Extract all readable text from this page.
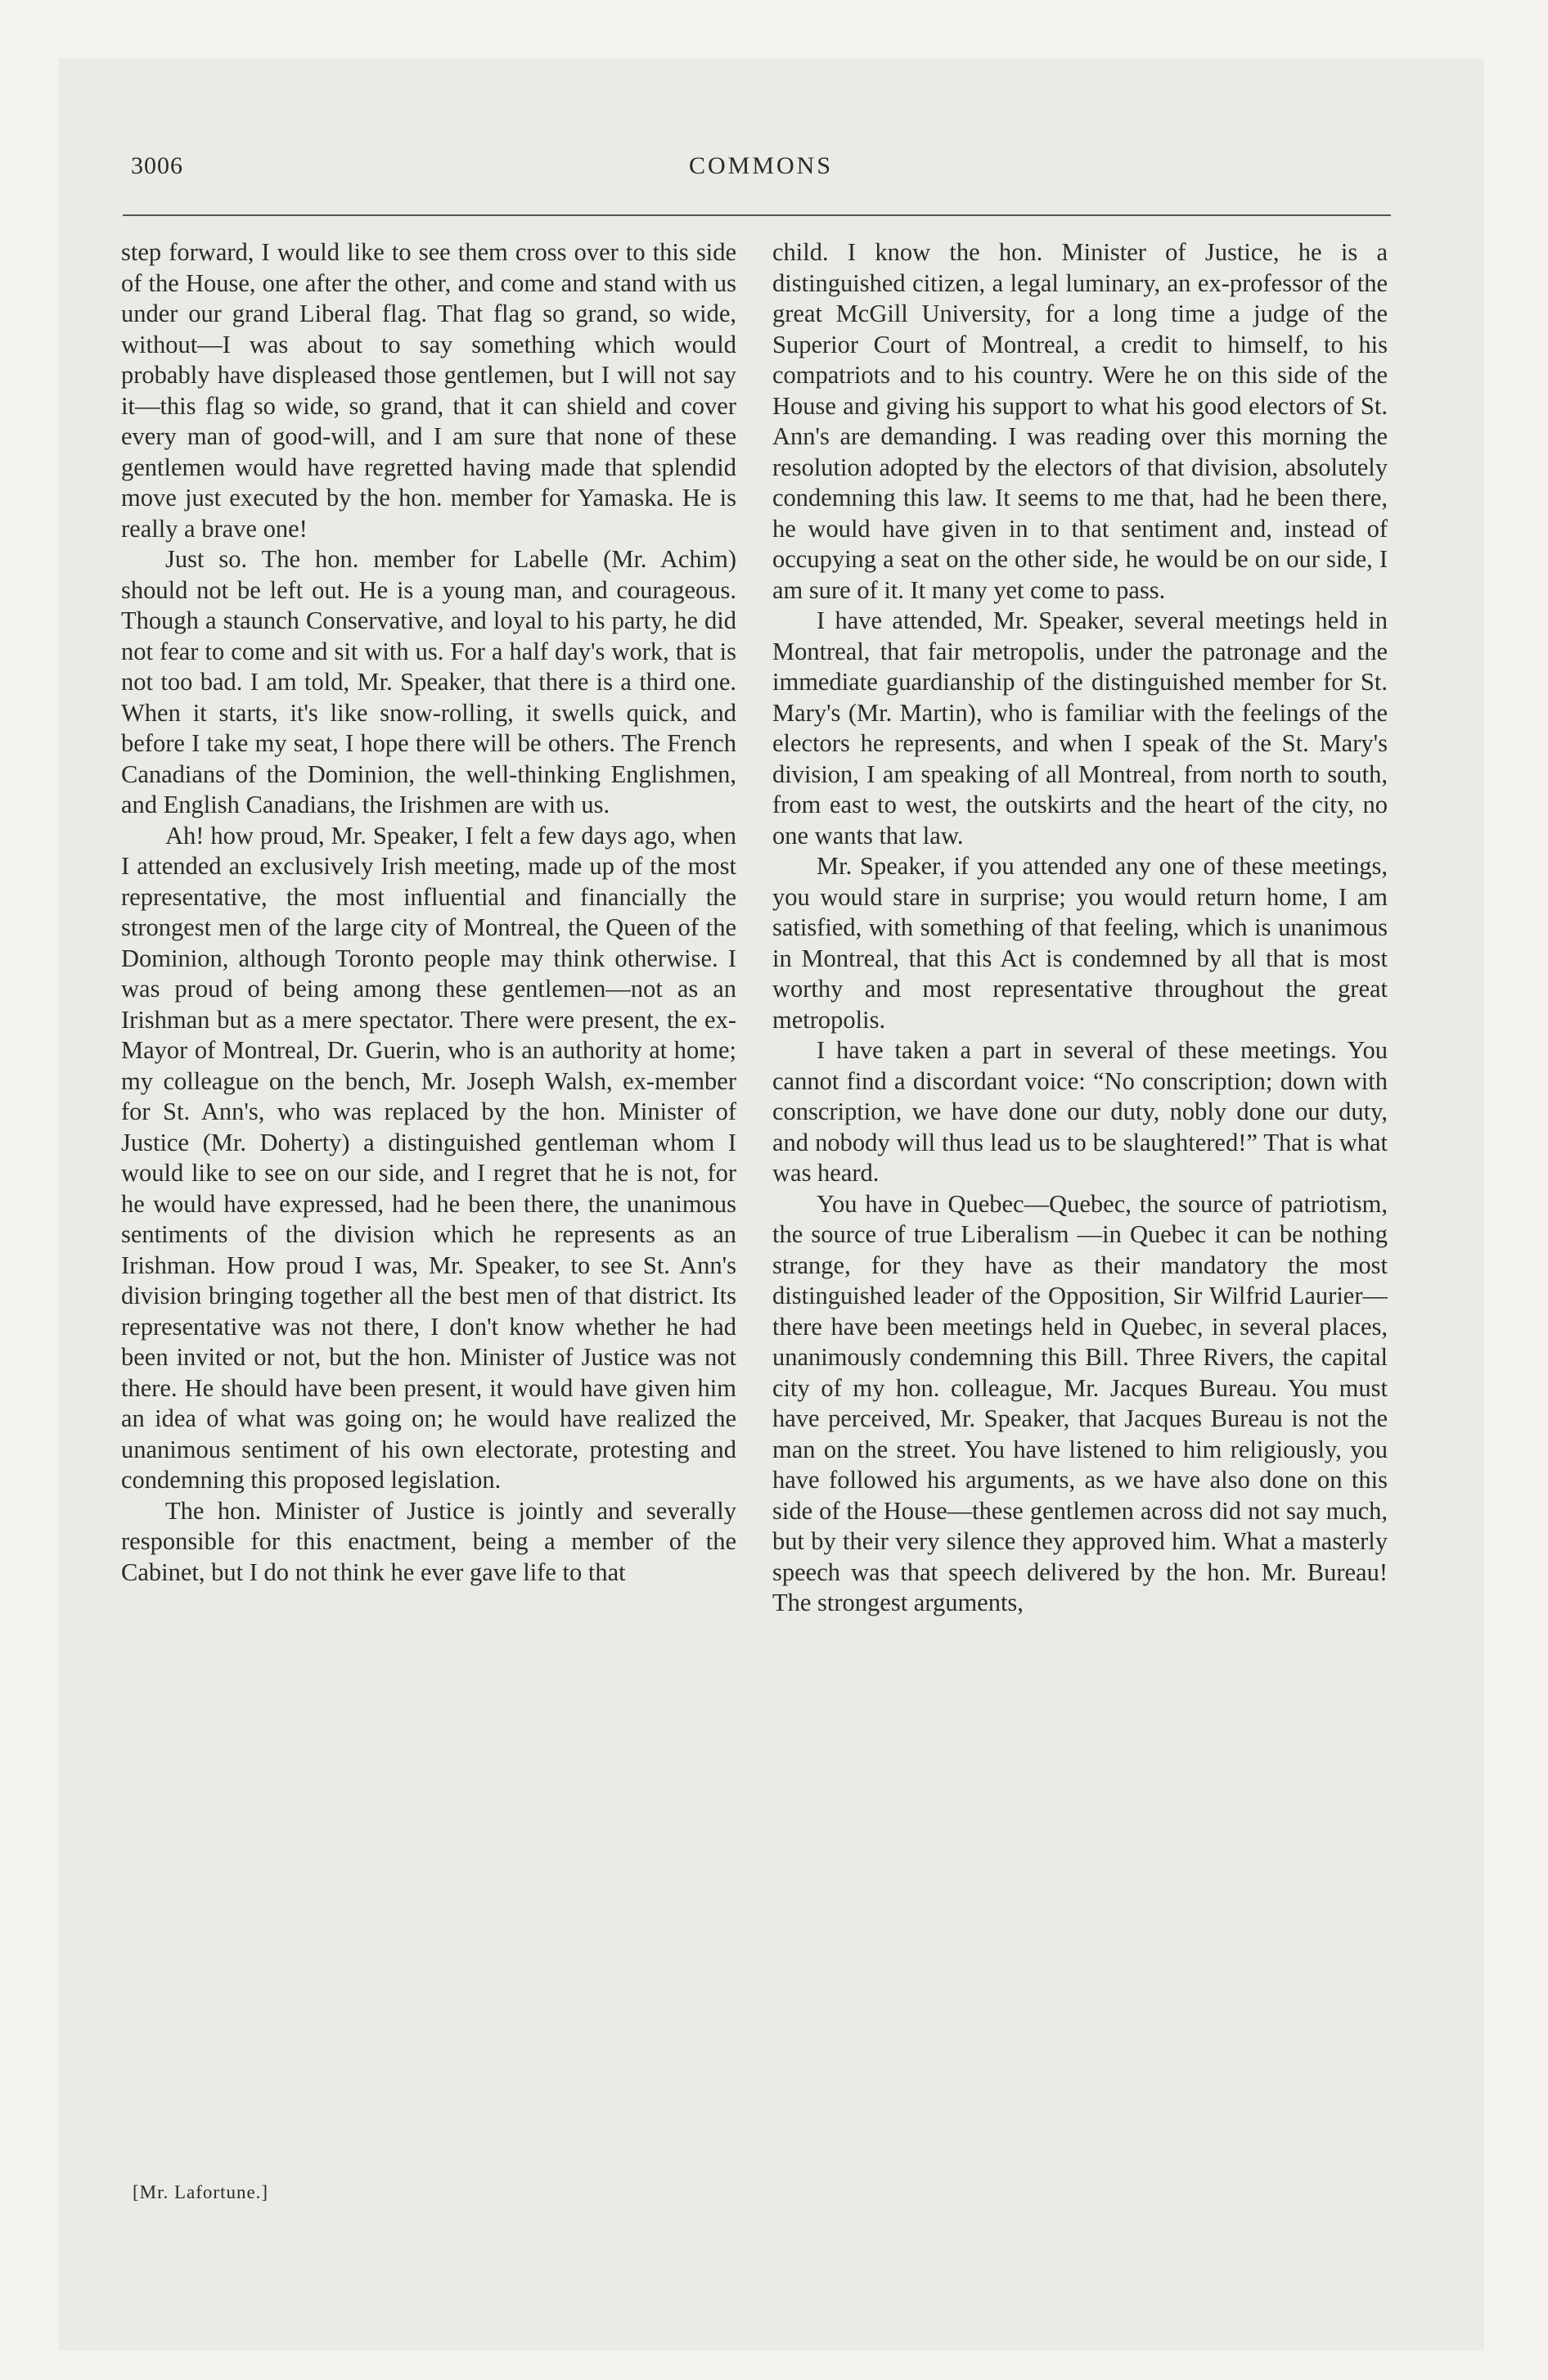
3006	COMMONS

step forward, I would like to see them cross over to this side of the House, one after the other, and come and stand with us under our grand Liberal flag. That flag so grand, so wide, without—I was about to say something which would probably have displeased those gentlemen, but I will not say it—this flag so wide, so grand, that it can shield and cover every man of good-will, and I am sure that none of these gentlemen would have regretted having made that splendid move just executed by the hon. member for Yamaska. He is really a brave one!

Just so. The hon. member for Labelle (Mr. Achim) should not be left out. He is a young man, and courageous. Though a staunch Conservative, and loyal to his party, he did not fear to come and sit with us. For a half day's work, that is not too bad. I am told, Mr. Speaker, that there is a third one. When it starts, it's like snow-rolling, it swells quick, and before I take my seat, I hope there will be others. The French Canadians of the Dominion, the well-thinking Englishmen, and English Canadians, the Irishmen are with us.

Ah! how proud, Mr. Speaker, I felt a few days ago, when I attended an exclusively Irish meeting, made up of the most representative, the most influential and financially the strongest men of the large city of Montreal, the Queen of the Dominion, although Toronto people may think otherwise. I was proud of being among these gentlemen—not as an Irishman but as a mere spectator. There were present, the ex-Mayor of Montreal, Dr. Guerin, who is an authority at home; my colleague on the bench, Mr. Joseph Walsh, ex-member for St. Ann's, who was replaced by the hon. Minister of Justice (Mr. Doherty) a distinguished gentleman whom I would like to see on our side, and I regret that he is not, for he would have expressed, had he been there, the unanimous sentiments of the division which he represents as an Irishman. How proud I was, Mr. Speaker, to see St. Ann's division bringing together all the best men of that district. Its representative was not there, I don't know whether he had been invited or not, but the hon. Minister of Justice was not there. He should have been present, it would have given him an idea of what was going on; he would have realized the unanimous sentiment of his own electorate, protesting and condemning this proposed legislation.

The hon. Minister of Justice is jointly and severally responsible for this enactment, being a member of the Cabinet, but I do not think he ever gave life to that

child. I know the hon. Minister of Justice, he is a distinguished citizen, a legal luminary, an ex-professor of the great McGill University, for a long time a judge of the Superior Court of Montreal, a credit to himself, to his compatriots and to his country. Were he on this side of the House and giving his support to what his good electors of St. Ann's are demanding. I was reading over this morning the resolution adopted by the electors of that division, absolutely condemning this law. It seems to me that, had he been there, he would have given in to that sentiment and, instead of occupying a seat on the other side, he would be on our side, I am sure of it. It many yet come to pass.

I have attended, Mr. Speaker, several meetings held in Montreal, that fair metropolis, under the patronage and the immediate guardianship of the distinguished member for St. Mary's (Mr. Martin), who is familiar with the feelings of the electors he represents, and when I speak of the St. Mary's division, I am speaking of all Montreal, from north to south, from east to west, the outskirts and the heart of the city, no one wants that law.

Mr. Speaker, if you attended any one of these meetings, you would stare in surprise; you would return home, I am satisfied, with something of that feeling, which is unanimous in Montreal, that this Act is condemned by all that is most worthy and most representative throughout the great metropolis.

I have taken a part in several of these meetings. You cannot find a discordant voice: “No conscription; down with conscription, we have done our duty, nobly done our duty, and nobody will thus lead us to be slaughtered!” That is what was heard.

You have in Quebec—Quebec, the source of patriotism, the source of true Liberalism —in Quebec it can be nothing strange, for they have as their mandatory the most distinguished leader of the Opposition, Sir Wilfrid Laurier—there have been meetings held in Quebec, in several places, unanimously condemning this Bill. Three Rivers, the capital city of my hon. colleague, Mr. Jacques Bureau. You must have perceived, Mr. Speaker, that Jacques Bureau is not the man on the street. You have listened to him religiously, you have followed his arguments, as we have also done on this side of the House—these gentlemen across did not say much, but by their very silence they approved him. What a masterly speech was that speech delivered by the hon. Mr. Bureau! The strongest arguments,

[Mr. Lafortune.]
